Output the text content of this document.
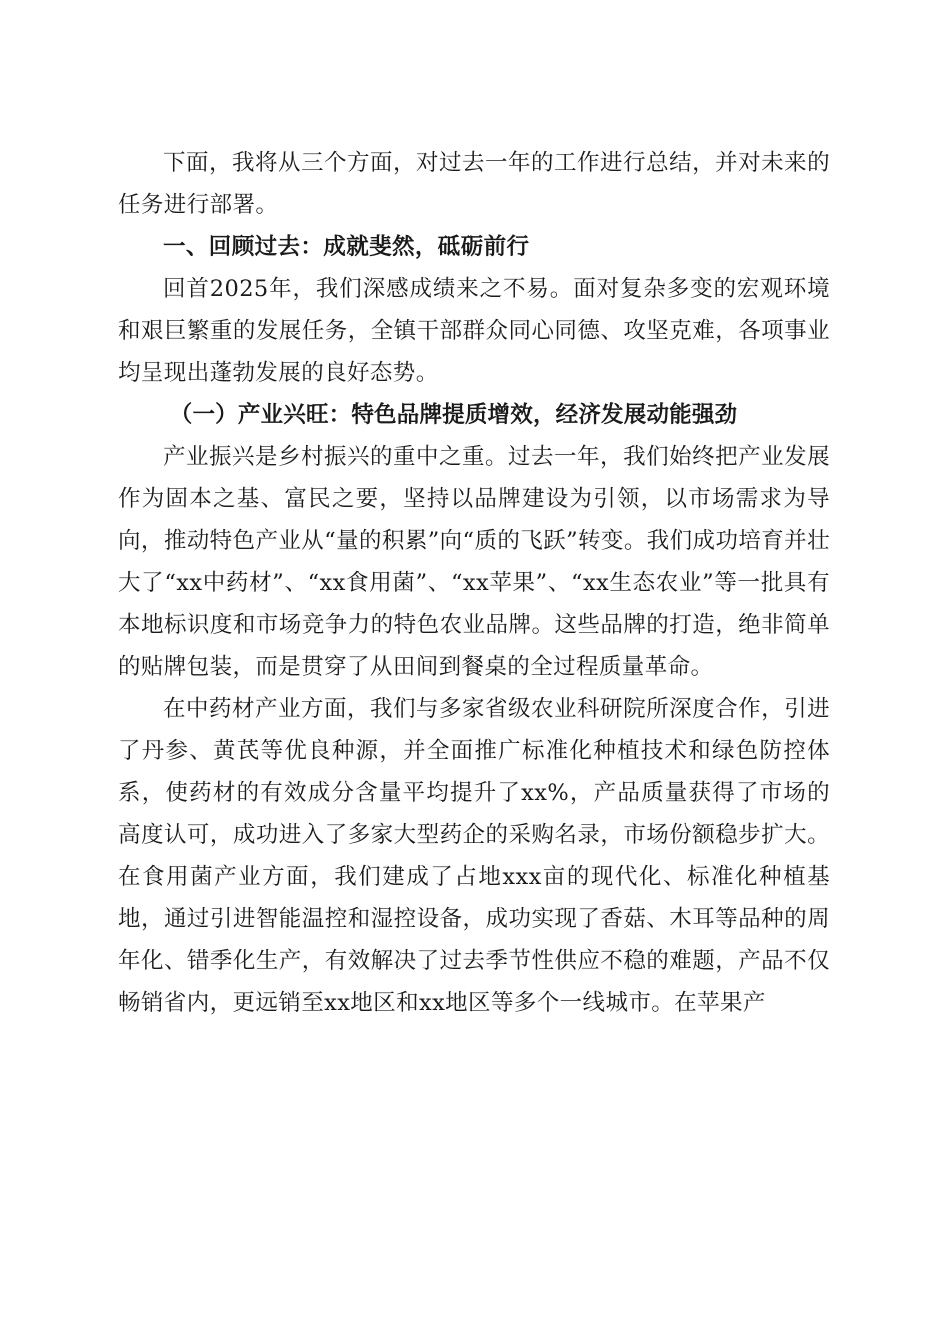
下面，我将从三个方面，对过去一年的工作进行总结，并对未来的任务进行部署。

一、回顾过去：成就斐然，砥砺前行

回首2025年，我们深感成绩来之不易。面对复杂多变的宏观环境和艰巨繁重的发展任务，全镇干部群众同心同德、攻坚克难，各项事业均呈现出蓬勃发展的良好态势。

（一）产业兴旺：特色品牌提质增效，经济发展动能强劲

产业振兴是乡村振兴的重中之重。过去一年，我们始终把产业发展作为固本之基、富民之要，坚持以品牌建设为引领，以市场需求为导向，推动特色产业从“量的积累”向“质的飞跃”转变。我们成功培育并壮大了“xx中药材”、“xx食用菌”、“xx苹果”、“xx生态农业”等一批具有本地标识度和市场竞争力的特色农业品牌。这些品牌的打造，绝非简单的贴牌包装，而是贯穿了从田间到餐桌的全过程质量革命。

在中药材产业方面，我们与多家省级农业科研院所深度合作，引进了丹参、黄芪等优良种源，并全面推广标准化种植技术和绿色防控体系，使药材的有效成分含量平均提升了xx%，产品质量获得了市场的高度认可，成功进入了多家大型药企的采购名录，市场份额稳步扩大。在食用菌产业方面，我们建成了占地xxx亩的现代化、标准化种植基地，通过引进智能温控和湿控设备，成功实现了香菇、木耳等品种的周年化、错季化生产，有效解决了过去季节性供应不稳的难题，产品不仅畅销省内，更远销至xx地区和xx地区等多个一线城市。在苹果产
